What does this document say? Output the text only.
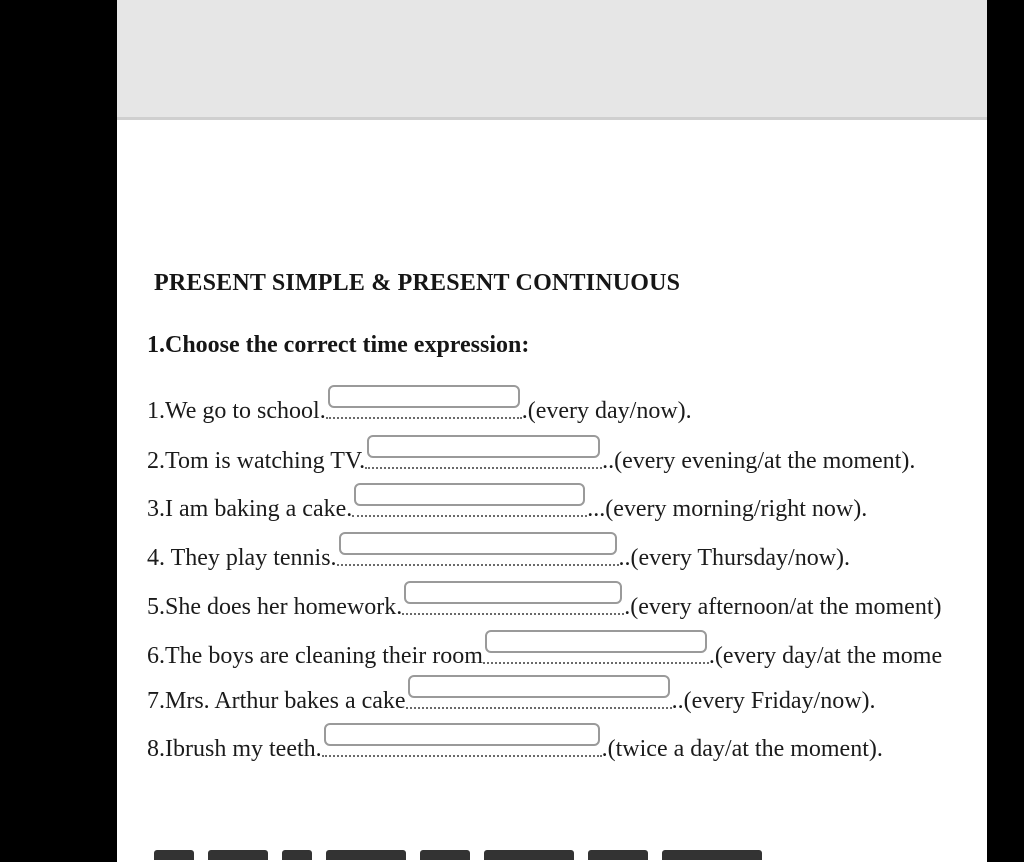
PRESENT SIMPLE & PRESENT CONTINUOUS
1.Choose the correct time expression:
1.We go to school.	.(every day/now).
2.Tom is watching TV.	..(every evening/at the moment).
3.I am baking a cake.	...(every morning/right now).
4. They play tennis.	..(every Thursday/now).
5.She does her homework.	.(every afternoon/at the moment)
6.The boys are cleaning their room	.(every day/at the mome
7.Mrs. Arthur bakes a cake	..(every Friday/now).
8.Ibrush my teeth.	.(twice a day/at the moment).
